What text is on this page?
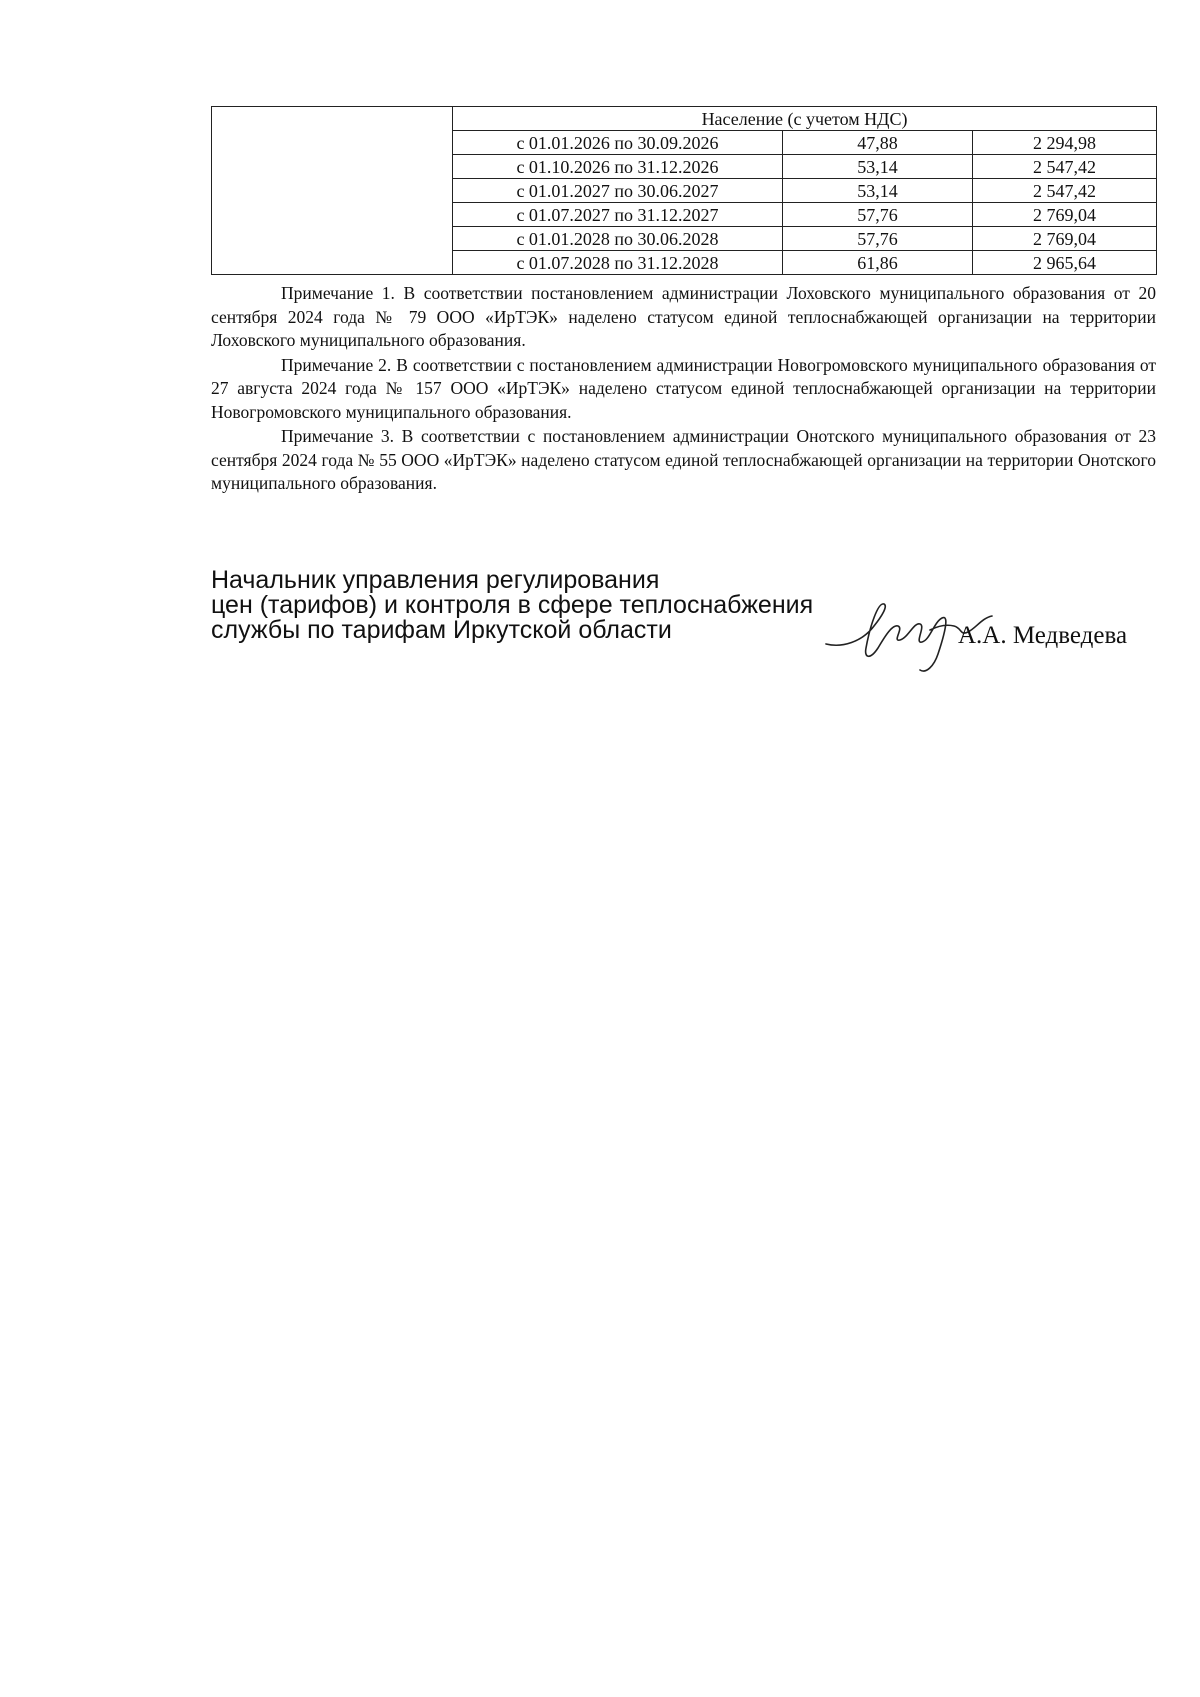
	Население (с учетом НДС)		
	с 01.01.2026 по 30.09.2026	47,88	2 294,98
	с 01.10.2026 по 31.12.2026	53,14	2 547,42
	с 01.01.2027 по 30.06.2027	53,14	2 547,42
	с 01.07.2027 по 31.12.2027	57,76	2 769,04
	с 01.01.2028 по 30.06.2028	57,76	2 769,04
	с 01.07.2028 по 31.12.2028	61,86	2 965,64

Примечание 1. В соответствии постановлением администрации Лоховского муниципального образования от 20 сентября 2024 года № 79 ООО «ИрТЭК» наделено статусом единой теплоснабжающей организации на территории Лоховского муниципального образования.

Примечание 2. В соответствии с постановлением администрации Новогромовского муниципального образования от 27 августа 2024 года № 157 ООО «ИрТЭК» наделено статусом единой теплоснабжающей организации на территории Новогромовского муниципального образования.

Примечание 3. В соответствии с постановлением администрации Онотского муниципального образования от 23 сентября 2024 года № 55 ООО «ИрТЭК» наделено статусом единой теплоснабжающей организации на территории Онотского муниципального образования.

Начальник управления регулирования
цен (тарифов) и контроля в сфере теплоснабжения
службы по тарифам Иркутской области	А.А. Медведева
